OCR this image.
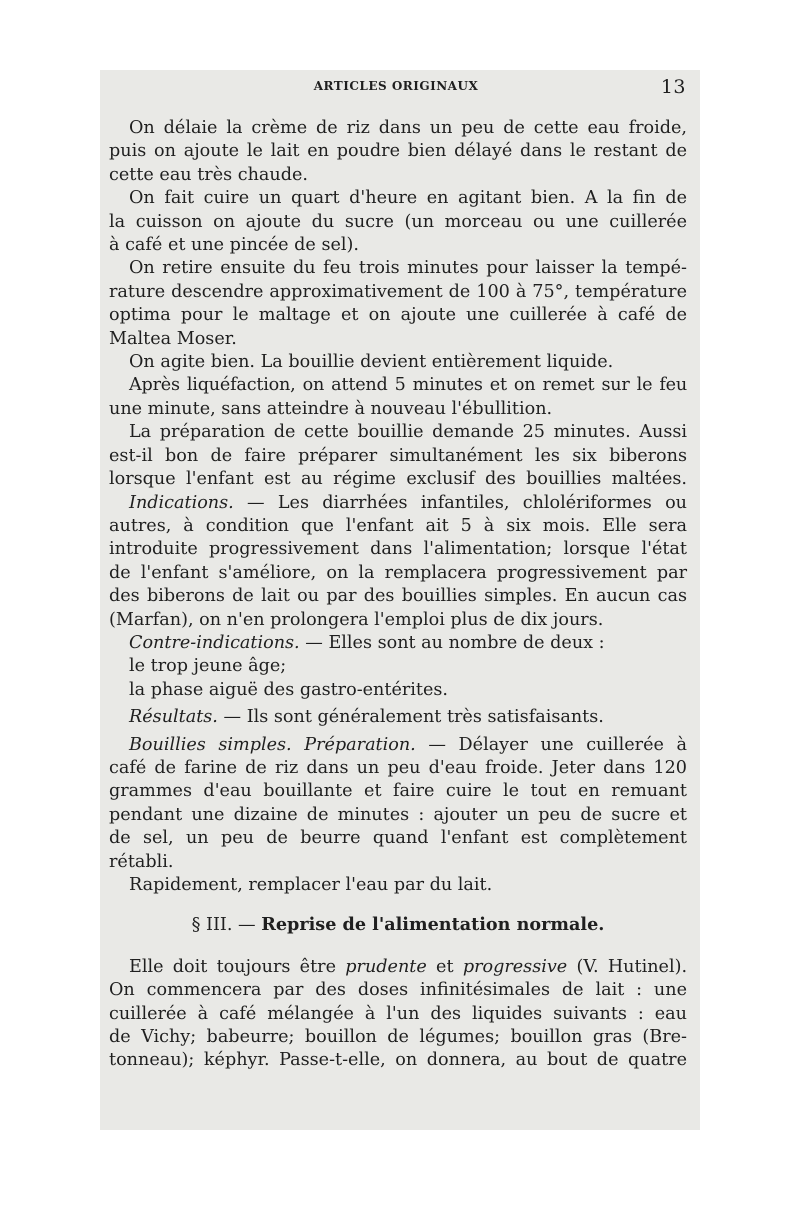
ARTICLES ORIGINAUX	13

On délaie la crème de riz dans un peu de cette eau froide,

puis on ajoute le lait en poudre bien délayé dans le restant de

cette eau très chaude.

On fait cuire un quart d'heure en agitant bien. A la fin de

la cuisson on ajoute du sucre (un morceau ou une cuillerée

à café et une pincée de sel).

On retire ensuite du feu trois minutes pour laisser la tempé-

rature descendre approximativement de 100 à 75°, température

optima pour le maltage et on ajoute une cuillerée à café de

Maltea Moser.

On agite bien. La bouillie devient entièrement liquide.

Après liquéfaction, on attend 5 minutes et on remet sur le feu

une minute, sans atteindre à nouveau l'ébullition.

La préparation de cette bouillie demande 25 minutes. Aussi

est-il bon de faire préparer simultanément les six biberons

lorsque l'enfant est au régime exclusif des bouillies maltées.

Indications. — Les diarrhées infantiles, chlolériformes ou

autres, à condition que l'enfant ait 5 à six mois. Elle sera

introduite progressivement dans l'alimentation; lorsque l'état

de l'enfant s'améliore, on la remplacera progressivement par

des biberons de lait ou par des bouillies simples. En aucun cas

(Marfan), on n'en prolongera l'emploi plus de dix jours.

Contre-indications. — Elles sont au nombre de deux :

le trop jeune âge;

la phase aiguë des gastro-entérites.

Résultats. — Ils sont généralement très satisfaisants.

Bouillies simples. Préparation. — Délayer une cuillerée à

café de farine de riz dans un peu d'eau froide. Jeter dans 120

grammes d'eau bouillante et faire cuire le tout en remuant

pendant une dizaine de minutes : ajouter un peu de sucre et

de sel, un peu de beurre quand l'enfant est complètement

rétabli.

Rapidement, remplacer l'eau par du lait.

§ III. — Reprise de l'alimentation normale.

Elle doit toujours être prudente et progressive (V. Hutinel).

On commencera par des doses infinitésimales de lait : une

cuillerée à café mélangée à l'un des liquides suivants : eau

de Vichy; babeurre; bouillon de légumes; bouillon gras (Bre-

tonneau); képhyr. Passe-t-elle, on donnera, au bout de quatre
